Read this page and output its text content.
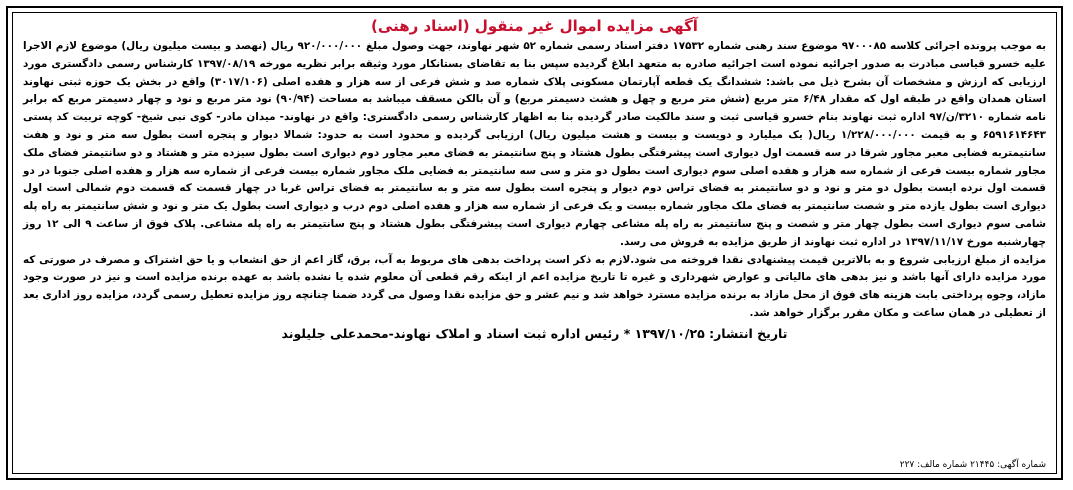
آگهی مزایده اموال غیر منقول (اسناد رهنی)

به موجب پرونده اجرائی کلاسه ۹۷۰۰۰۸۵ موضوع سند رهنی شماره ۱۷۵۳۲ دفتر اسناد رسمی شماره ۵۲ شهر نهاوند، جهت وصول مبلغ ۹۲۰/۰۰۰/۰۰۰ ریال (نهصد و بیست میلیون ریال) موضوع لازم الاجرا علیه خسرو قیاسی مبادرت به صدور اجرائیه نموده است اجرائیه صادره به متعهد ابلاغ گردیده سپس بنا به تقاضای بستانکار مورد وثیقه برابر نظریه مورخه ۱۳۹۷/۰۸/۱۹ کارشناس رسمی دادگستری مورد ارزیابی که ارزش و مشخصات آن بشرح ذیل می باشد: ششدانگ یک قطعه آپارتمان مسکونی پلاک شماره صد و شش فرعی از سه هزار و هفده اصلی (۳۰۱۷/۱۰۶) واقع در بخش یک حوزه ثبتی نهاوند استان همدان واقع در طبقه اول که مقدار ۶/۴۸ متر مربع (شش متر مربع و چهل و هشت دسیمتر مربع) و آن بالکن مسقف میباشد به مساحت (۹۰/۹۴) نود متر مربع و نود و چهار دسیمتر مربع که برابر نامه شماره ۳۲۱۰/ن/۹۷ اداره ثبت نهاوند بنام خسرو قیاسی ثبت و سند مالکیت صادر گردیده بنا به اظهار کارشناس رسمی دادگستری: واقع در نهاوند- میدان مادر- کوی نبی شیخ- کوچه تربیت کد پستی ۶۵۹۱۶۱۴۶۴۳ و به قیمت ۱/۲۲۸/۰۰۰/۰۰۰ ریال( یک میلیارد و دویست و بیست و هشت میلیون ریال) ارزیابی گردیده و محدود است به حدود: شمالا دیوار و پنجره است بطول سه متر و نود و هفت سانتیمتربه فضایی معبر مجاور شرقا در سه قسمت اول دیواری است پیشرفتگی بطول هشتاد و پنج سانتیمتر به فضای معبر مجاور دوم دیواری است بطول سیزده متر و هشتاد و دو سانتیمتر فضای ملک مجاور شماره بیست فرعی از شماره سه هزار و هفده اصلی سوم دیواری است بطول دو متر و سی سه سانتیمتر به فضایی ملک مجاور شماره بیست فرعی از شماره سه هزار و هفده اصلی جنوبا در دو قسمت اول نرده ایست بطول دو متر و نود و دو سانتیمتر به فضای تراس دوم دیوار و پنجره است بطول سه متر و به سانتیمتر به فضای تراس غربا در چهار قسمت که قسمت دوم شمالی است اول دیواری است بطول یازده متر و شصت سانتیمتر به فضای ملک مجاور شماره بیست و یک فرعی از شماره سه هزار و هفده اصلی دوم درب و دیواری است بطول یک متر و نود و شش سانتیمتر به راه پله شامی سوم دیواری است بطول چهار متر و شصت و پنج سانتیمتر به راه پله مشاعی چهارم دیواری است پیشرفتگی بطول هشتاد و پنج سانتیمتر به راه پله مشاعی. پلاک فوق از ساعت ۹ الی ۱۲ روز چهارشنبه مورخ ۱۳۹۷/۱۱/۱۷ در اداره ثبت نهاوند از طریق مزایده به فروش می رسد.

مزایده از مبلغ ارزیابی شروع و به بالاترین قیمت پیشنهادی نقدا فروخته می شود.لازم به ذکر است پرداخت بدهی های مربوط به آب، برق، گاز اعم از حق انشعاب و یا حق اشتراک و مصرف در صورتی که مورد مزایده دارای آنها باشد و نیز بدهی های مالیاتی و عوارض شهرداری و غیره تا تاریخ مزایده اعم از اینکه رقم قطعی آن معلوم شده یا نشده باشد به عهده برنده مزایده است و نیز در صورت وجود مازاد، وجوه پرداختی بابت هزینه های فوق از محل مازاد به برنده مزایده مسترد خواهد شد و نیم عشر و حق مزایده نقدا وصول می گردد ضمنا چنانچه روز مزایده تعطیل رسمی گردد، مزایده روز اداری بعد از تعطیلی در همان ساعت و مکان مقرر برگزار خواهد شد.

تاریخ انتشار: ۱۳۹۷/۱۰/۲۵ * رئیس اداره ثبت اسناد و املاک نهاوند-محمدعلی جلیلوند
شماره آگهی: ۲۱۴۴۵ شماره مالف: ۲۲۷
